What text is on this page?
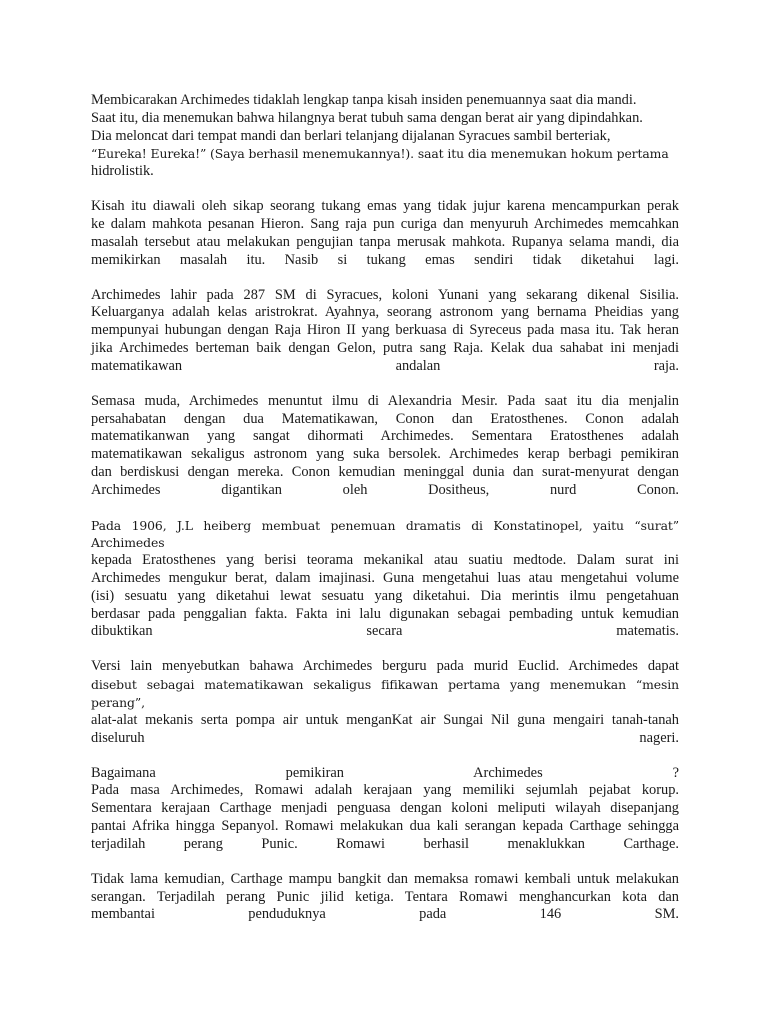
Membicarakan Archimedes tidaklah lengkap tanpa kisah insiden penemuannya saat dia mandi.
Saat itu, dia menemukan bahwa hilangnya berat tubuh sama dengan berat air yang dipindahkan.
Dia meloncat dari tempat mandi dan berlari telanjang dijalanan Syracues sambil berteriak,
“Eureka! Eureka!” (Saya berhasil menemukannya!). saat itu dia menemukan hokum pertama
hidrolistik.

Kisah itu diawali oleh sikap seorang tukang emas yang tidak jujur karena mencampurkan perak
ke dalam mahkota pesanan Hieron. Sang raja pun curiga dan menyuruh Archimedes memcahkan
masalah tersebut atau melakukan pengujian tanpa merusak mahkota. Rupanya selama mandi, dia
memikirkan masalah itu. Nasib si tukang emas sendiri tidak diketahui lagi.

Archimedes lahir pada 287 SM di Syracues, koloni Yunani yang sekarang dikenal Sisilia.
Keluarganya adalah kelas aristrokrat. Ayahnya, seorang astronom yang bernama Pheidias yang
mempunyai hubungan dengan Raja Hiron II yang berkuasa di Syreceus pada masa itu. Tak heran
jika Archimedes berteman baik dengan Gelon, putra sang Raja. Kelak dua sahabat ini menjadi
matematikawan andalan raja.

Semasa muda, Archimedes menuntut ilmu di Alexandria Mesir. Pada saat itu dia menjalin
persahabatan dengan dua Matematikawan, Conon dan Eratosthenes. Conon adalah
matematikanwan yang sangat dihormati Archimedes. Sementara Eratosthenes adalah
matematikawan sekaligus astronom yang suka bersolek. Archimedes kerap berbagi pemikiran
dan berdiskusi dengan mereka. Conon kemudian meninggal dunia dan surat-menyurat dengan
Archimedes digantikan oleh Dositheus, nurd Conon.

Pada 1906, J.L heiberg membuat penemuan dramatis di Konstatinopel, yaitu “surat” Archimedes
kepada Eratosthenes yang berisi teorama mekanikal atau suatiu medtode. Dalam surat ini
Archimedes mengukur berat, dalam imajinasi. Guna mengetahui luas atau mengetahui volume
(isi) sesuatu yang diketahui lewat sesuatu yang diketahui. Dia merintis ilmu pengetahuan
berdasar pada penggalian fakta. Fakta ini lalu digunakan sebagai pembading untuk kemudian
dibuktikan secara matematis.

Versi lain menyebutkan bahawa Archimedes berguru pada murid Euclid. Archimedes dapat
disebut sebagai matematikawan sekaligus fifikawan pertama yang menemukan “mesin perang”,
alat-alat mekanis serta pompa air untuk menganKat air Sungai Nil guna mengairi tanah-tanah
diseluruh nageri.

Bagaimana pemikiran Archimedes ?
Pada masa Archimedes, Romawi adalah kerajaan yang memiliki sejumlah pejabat korup.
Sementara kerajaan Carthage menjadi penguasa dengan koloni meliputi wilayah disepanjang
pantai Afrika hingga Sepanyol. Romawi melakukan dua kali serangan kepada Carthage sehingga
terjadilah perang Punic. Romawi berhasil menaklukkan Carthage.

Tidak lama kemudian, Carthage mampu bangkit dan memaksa romawi kembali untuk melakukan
serangan. Terjadilah perang Punic jilid ketiga. Tentara Romawi menghancurkan kota dan
membantai penduduknya pada 146 SM.
